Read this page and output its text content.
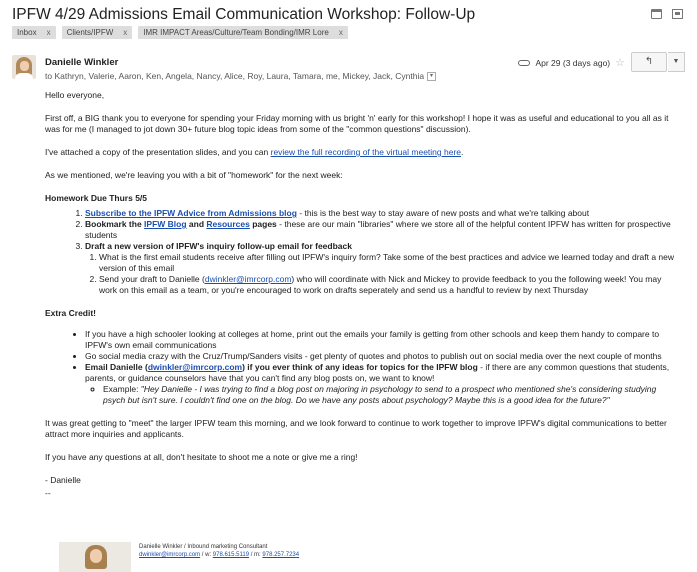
IPFW 4/29 Admissions Email Communication Workshop: Follow-Up
Inbox x	Clients/IPFW x	IMR IMPACT Areas/Culture/Team Bonding/IMR Lore x
Danielle Winkler
to Kathryn, Valerie, Aaron, Ken, Angela, Nancy, Alice, Roy, Laura, Tamara, me, Mickey, Jack, Cynthia ▾
Apr 29 (3 days ago) ☆	↰	▼

Hello everyone,

First off, a BIG thank you to everyone for spending your Friday morning with us bright 'n' early for this workshop! I hope it was as useful and educational to you all as it was for me (I managed to jot down 30+ future blog topic ideas from some of the "common questions" discussion).

I've attached a copy of the presentation slides, and you can review the full recording of the virtual meeting here.

As we mentioned, we're leaving you with a bit of "homework" for the next week:

Homework Due Thurs 5/5

1. Subscribe to the IPFW Advice from Admissions blog - this is the best way to stay aware of new posts and what we're talking about
2. Bookmark the IPFW Blog and Resources pages - these are our main "libraries" where we store all of the helpful content IPFW has written for prospective students
3. Draft a new version of IPFW's inquiry follow-up email for feedback
1. What is the first email students receive after filling out IPFW's inquiry form? Take some of the best practices and advice we learned today and draft a new version of this email
2. Send your draft to Danielle (dwinkler@imrcorp.com) who will coordinate with Nick and Mickey to provide feedback to you the following week! You may work on this email as a team, or you're encouraged to work on drafts seperately and send us a handful to review by next Thursday

Extra Credit!

• If you have a high schooler looking at colleges at home, print out the emails your family is getting from other schools and keep them handy to compare to IPFW's own email communications
• Go social media crazy with the Cruz/Trump/Sanders visits - get plenty of quotes and photos to publish out on social media over the next couple of months
• Email Danielle (dwinkler@imrcorp.com) if you ever think of any ideas for topics for the IPFW blog - if there are any common questions that students, parents, or guidance counselors have that you can't find any blog posts on, we want to know!
◦ Example: "Hey Danielle - I was trying to find a blog post on majoring in psychology to send to a prospect who mentioned she's considering studying psych but isn't sure. I couldn't find one on the blog. Do we have any posts about psychology? Maybe this is a good idea for the future?"

It was great getting to "meet" the larger IPFW team this morning, and we look forward to continue to work together to improve IPFW's digital communications to better attract more inquiries and applicants.

If you have any questions at all, don't hesitate to shoot me a note or give me a ring!

- Danielle

--

Danielle Winkler / Inbound marketing Consultant
dwinkler@imrcorp.com / w: 978.615.5119 / m: 978.257.7234
